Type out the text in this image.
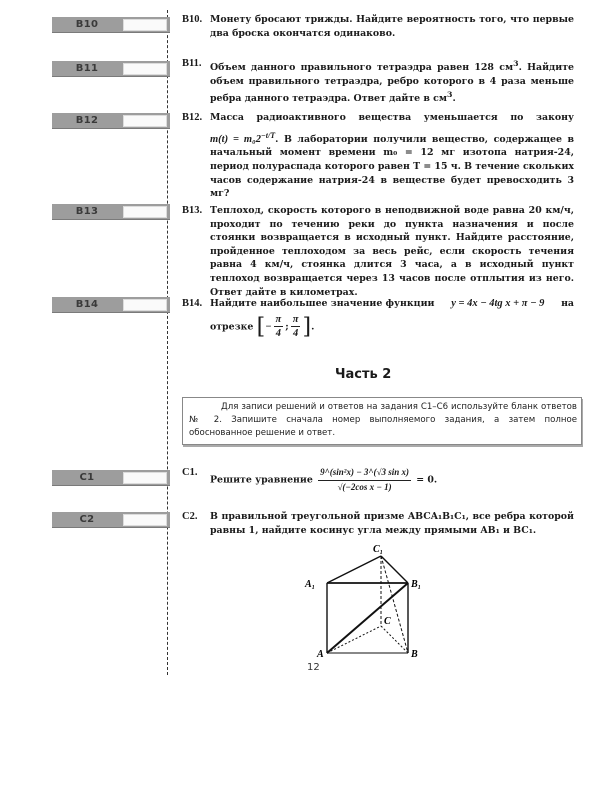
B10
B11
B12
B13
B14
C1
C2
B10. Монету бросают трижды. Найдите вероятность того, что первые два броска окончатся одинаково.
B11. Объем данного правильного тетраэдра равен 128 $см^3$. Найдите объем правильного тетраэдра, ребро которого в 4 раза меньше ребра данного тетраэдра. Ответ дайте в $см^3$.
B12. Масса радиоактивного вещества уменьшается по закону
$m(t) = m_02^{-t/T}$. В лаборатории получили вещество, содержащее в начальный момент времени m₀ = 12 мг изотопа натрия-24, период полураспада которого равен T = 15 ч. В течение скольких часов содержание натрия-24 в веществе будет превосходить 3 мг?
B13. Теплоход, скорость которого в неподвижной воде равна 20 км/ч, проходит по течению реки до пункта назначения и после стоянки возвращается в исходный пункт. Найдите расстояние, пройденное теплоходом за весь рейс, если скорость течения равна 4 км/ч, стоянка длится 3 часа, а в исходный пункт теплоход возвращается через 13 часов после отплытия из него. Ответ дайте в километрах.
B14. Найдите наибольшее значение функции y = 4x − 4tg x + π − 9 на
отрезке [− $\frac{\pi}{4}$ ; $\frac{\pi}{4}$ ].
Часть 2

Для записи решений и ответов на задания С1–С6 используйте бланк ответов № 2. Запишите сначала номер выполняемого задания, а затем полное обоснованное решение и ответ.

C1.
Решите уравнение $\frac{\text{9\textasciicircum{}(sin²x) − 3\textasciicircum{}(√3 sin x)}}{\text{√(−2cos x − 1)}} = 0$.
C2.	В правильной треугольной призме ABCA₁B₁C₁, все ребра которой равны 1, найдите косинус угла между прямыми AB₁ и BC₁.
A₁	B₁
C₁
A	B
C
12
